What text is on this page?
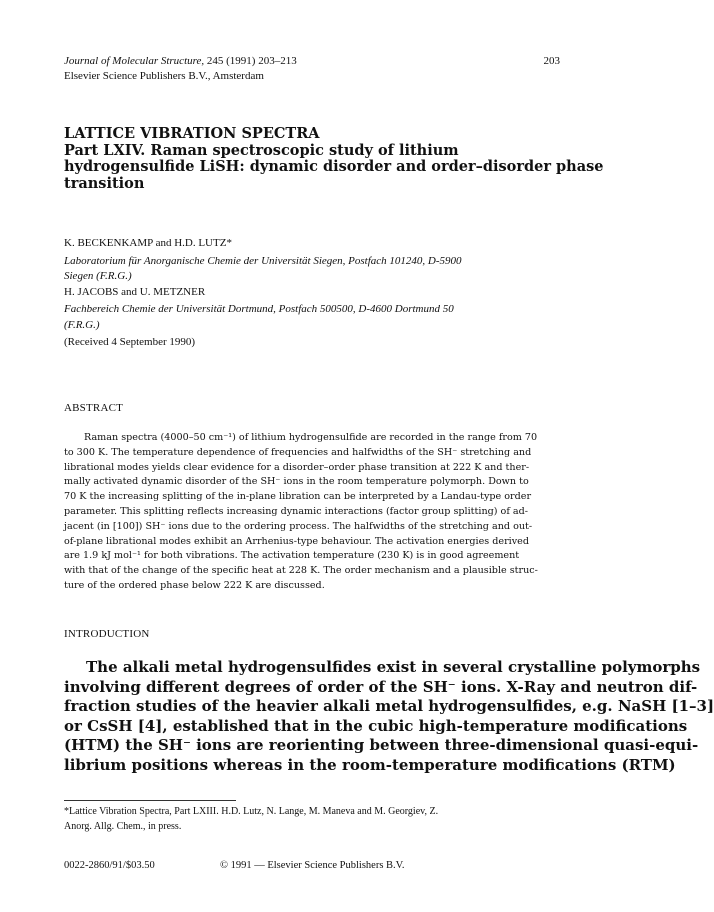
Journal of Molecular Structure, 245 (1991) 203–213
Elsevier Science Publishers B.V., Amsterdam
203
LATTICE VIBRATION SPECTRA
Part LXIV. Raman spectroscopic study of lithium
hydrogensulfide LiSH: dynamic disorder and order–disorder phase
transition
K. BECKENKAMP and H.D. LUTZ*
Laboratorium für Anorganische Chemie der Universität Siegen, Postfach 101240, D-5900
Siegen (F.R.G.)
H. JACOBS and U. METZNER
Fachbereich Chemie der Universität Dortmund, Postfach 500500, D-4600 Dortmund 50
(F.R.G.)
(Received 4 September 1990)
ABSTRACT
Raman spectra (4000–50 cm⁻¹) of lithium hydrogensulfide are recorded in the range from 70
to 300 K. The temperature dependence of frequencies and halfwidths of the SH⁻ stretching and
librational modes yields clear evidence for a disorder–order phase transition at 222 K and ther-
mally activated dynamic disorder of the SH⁻ ions in the room temperature polymorph. Down to
70 K the increasing splitting of the in-plane libration can be interpreted by a Landau-type order
parameter. This splitting reflects increasing dynamic interactions (factor group splitting) of ad-
jacent (in [100]) SH⁻ ions due to the ordering process. The halfwidths of the stretching and out-
of-plane librational modes exhibit an Arrhenius-type behaviour. The activation energies derived
are 1.9 kJ mol⁻¹ for both vibrations. The activation temperature (230 K) is in good agreement
with that of the change of the specific heat at 228 K. The order mechanism and a plausible struc-
ture of the ordered phase below 222 K are discussed.
INTRODUCTION
The alkali metal hydrogensulfides exist in several crystalline polymorphs
involving different degrees of order of the SH⁻ ions. X-Ray and neutron dif-
fraction studies of the heavier alkali metal hydrogensulfides, e.g. NaSH [1–3]
or CsSH [4], established that in the cubic high-temperature modifications
(HTM) the SH⁻ ions are reorienting between three-dimensional quasi-equi-
librium positions whereas in the room-temperature modifications (RTM)
*Lattice Vibration Spectra, Part LXIII. H.D. Lutz, N. Lange, M. Maneva and M. Georgiev, Z.
Anorg. Allg. Chem., in press.
0022-2860/91/$03.50	© 1991 — Elsevier Science Publishers B.V.
